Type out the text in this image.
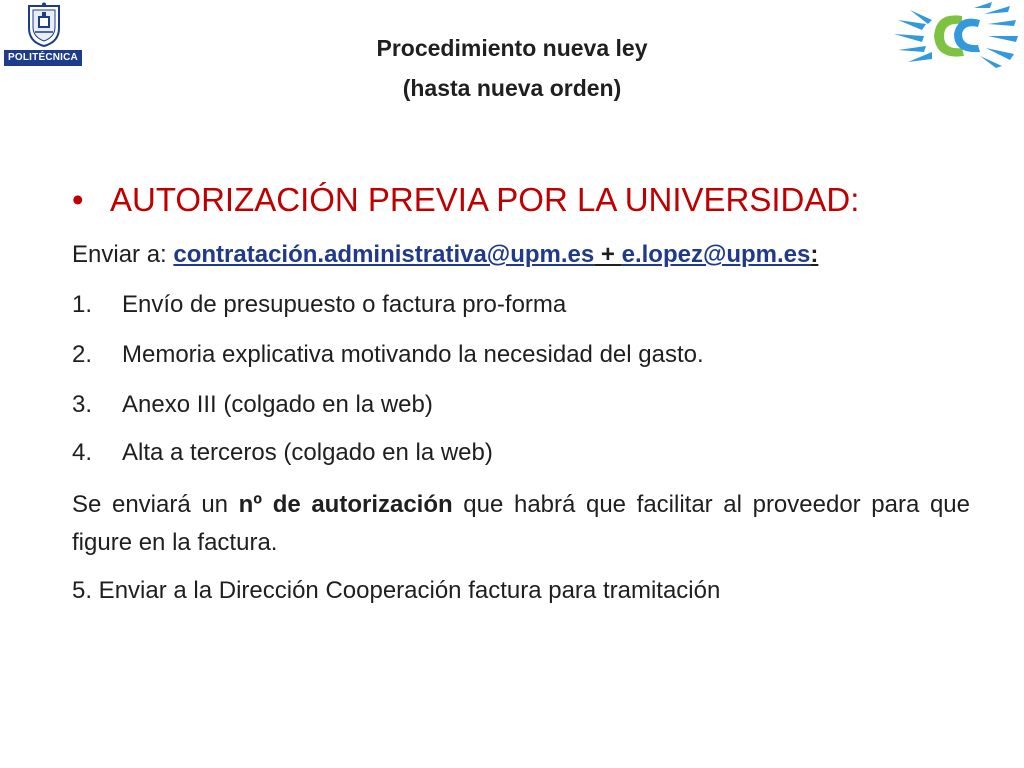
POLITÉCNICA	Procedimiento nueva ley
(hasta nueva orden)
• AUTORIZACIÓN PREVIA POR LA UNIVERSIDAD:
Enviar a: contratación.administrativa@upm.es + e.lopez@upm.es:
1. Envío de presupuesto o factura pro-forma
2. Memoria explicativa motivando la necesidad del gasto.
3. Anexo III (colgado en la web)
4. Alta a terceros (colgado en la web)
Se enviará un nº de autorización que habrá que facilitar al proveedor para que figure en la factura.
5. Enviar a la Dirección Cooperación factura para tramitación
